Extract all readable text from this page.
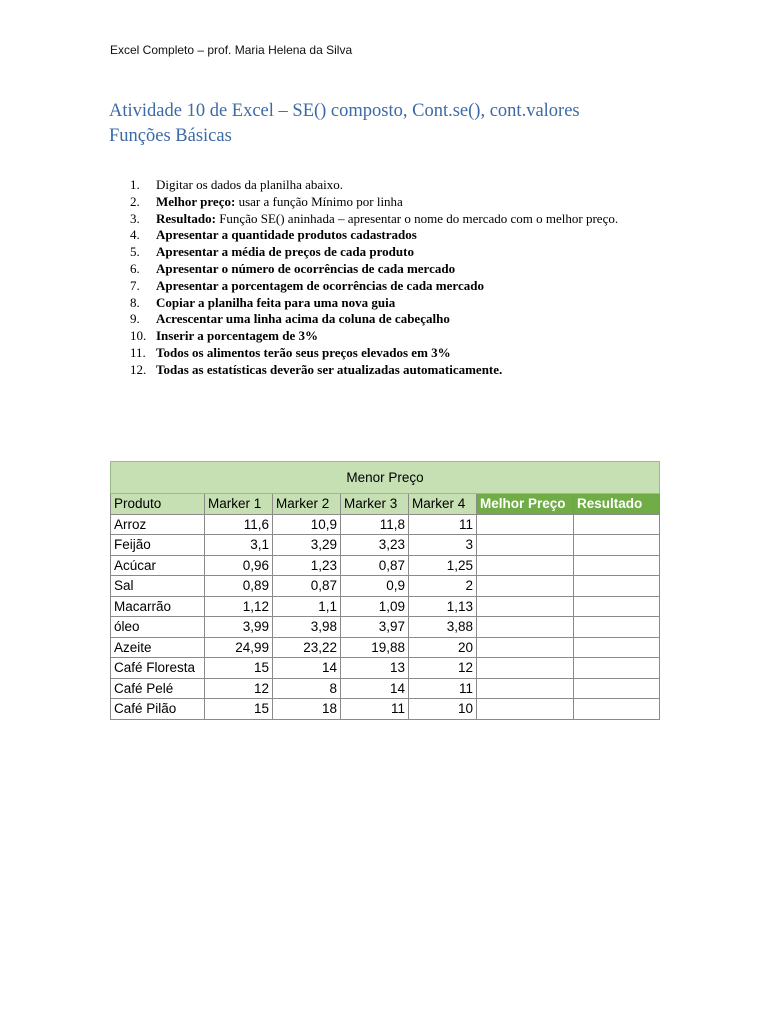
Excel Completo – prof. Maria Helena da Silva
Atividade 10 de Excel – SE() composto, Cont.se(), cont.valores
Funções Básicas
1.	Digitar os dados da planilha abaixo.
2.	Melhor preço: usar a função Mínimo por linha
3.	Resultado: Função SE() aninhada – apresentar o nome do mercado com o melhor preço.
4.	Apresentar a quantidade produtos cadastrados
5.	Apresentar a média de preços de cada produto
6.	Apresentar o número de ocorrências de cada mercado
7.	Apresentar a porcentagem de ocorrências de cada mercado
8.	Copiar a planilha feita para uma nova guia
9.	Acrescentar uma linha acima da coluna de cabeçalho
10. Inserir a porcentagem de 3%
11. Todos os alimentos terão seus preços elevados em 3%
12. Todas as estatísticas deverão ser atualizadas automaticamente.
Menor Preço						
Produto	Marker 1	Marker 2	Marker 3	Marker 4	Melhor Preço	Resultado
Arroz	11,6	10,9	11,8	11		
Feijão	3,1	3,29	3,23	3		
Acúcar	0,96	1,23	0,87	1,25		
Sal	0,89	0,87	0,9	2		
Macarrão	1,12	1,1	1,09	1,13		
óleo	3,99	3,98	3,97	3,88		
Azeite	24,99	23,22	19,88	20		
Café Floresta	15	14	13	12		
Café Pelé	12	8	14	11		
Café Pilão	15	18	11	10		
